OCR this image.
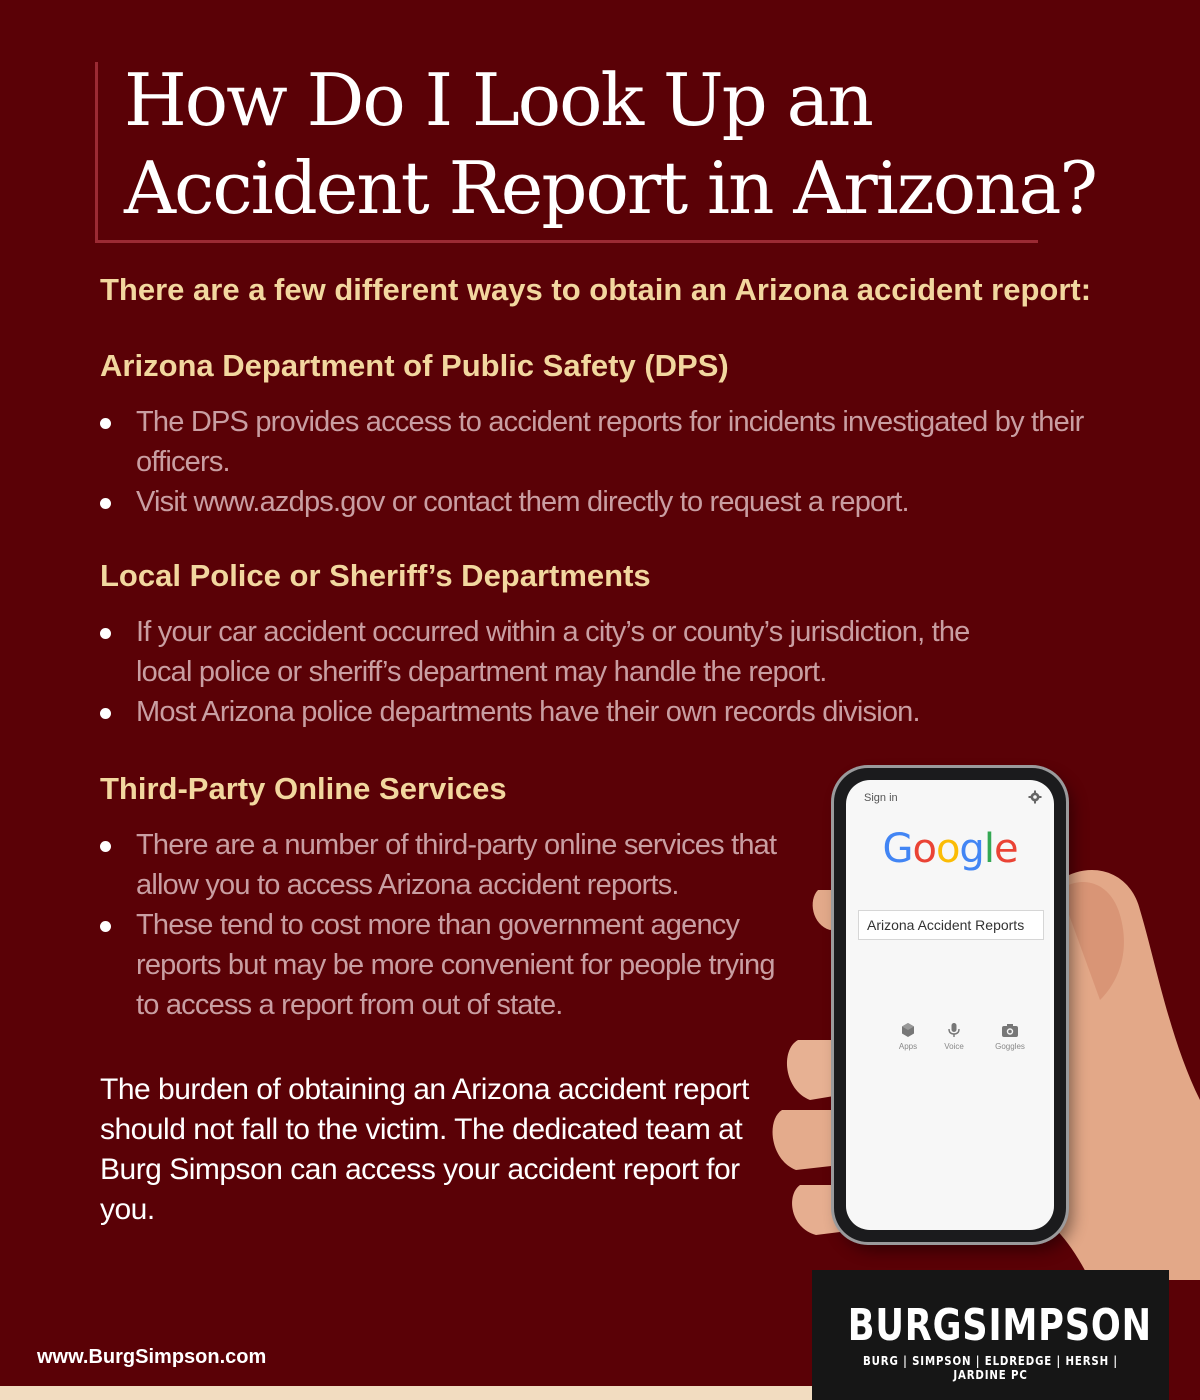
How Do I Look Up an
Accident Report in Arizona?

There are a few different ways to obtain an Arizona accident report:

Arizona Department of Public Safety (DPS)
The DPS provides access to accident reports for incidents investigated by their officers.
Visit www.azdps.gov or contact them directly to request a report.
Local Police or Sheriff’s Departments
If your car accident occurred within a city’s or county’s jurisdiction, the local police or sheriff’s department may handle the report.
Most Arizona police departments have their own records division.
Third-Party Online Services
There are a number of third-party online services that allow you to access Arizona accident reports.
These tend to cost more than government agency reports but may be more convenient for people trying to access a report from out of state.

The burden of obtaining an Arizona accident report should not fall to the victim. The dedicated team at Burg Simpson can access your accident report for you.

Sign in
Google
Arizona Accident Reports
Apps	Voice	Goggles
www.BurgSimpson.com
BURGSIMPSON
BURG | SIMPSON | ELDREDGE | HERSH | JARDINE PC
